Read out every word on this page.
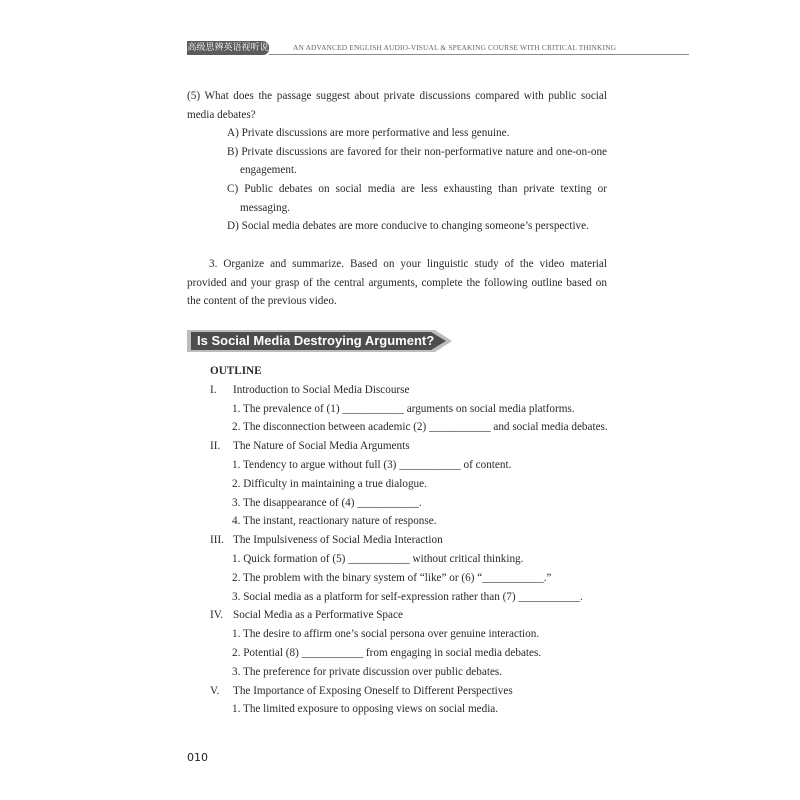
高级思辨英语视听说	AN ADVANCED ENGLISH AUDIO-VISUAL & SPEAKING COURSE WITH CRITICAL THINKING
(5) What does the passage suggest about private discussions compared with public social
media debates?
A) Private discussions are more performative and less genuine.
B) Private discussions are favored for their non-performative nature and one-on-one
engagement.
C) Public debates on social media are less exhausting than private texting or
messaging.
D) Social media debates are more conducive to changing someone’s perspective.
3. Organize and summarize. Based on your linguistic study of the video material
provided and your grasp of the central arguments, complete the following outline based on
the content of the previous video.
Is Social Media Destroying Argument?
OUTLINE
I. Introduction to Social Media Discourse
1. The prevalence of (1) ___________ arguments on social media platforms.
2. The disconnection between academic (2) ___________ and social media debates.
II. The Nature of Social Media Arguments
1. Tendency to argue without full (3) ___________ of content.
2. Difficulty in maintaining a true dialogue.
3. The disappearance of (4) ___________.
4. The instant, reactionary nature of response.
III. The Impulsiveness of Social Media Interaction
1. Quick formation of (5) ___________ without critical thinking.
2. The problem with the binary system of “like” or (6) “___________.”
3. Social media as a platform for self-expression rather than (7) ___________.
IV. Social Media as a Performative Space
1. The desire to affirm one’s social persona over genuine interaction.
2. Potential (8) ___________ from engaging in social media debates.
3. The preference for private discussion over public debates.
V. The Importance of Exposing Oneself to Different Perspectives
1. The limited exposure to opposing views on social media.
010
